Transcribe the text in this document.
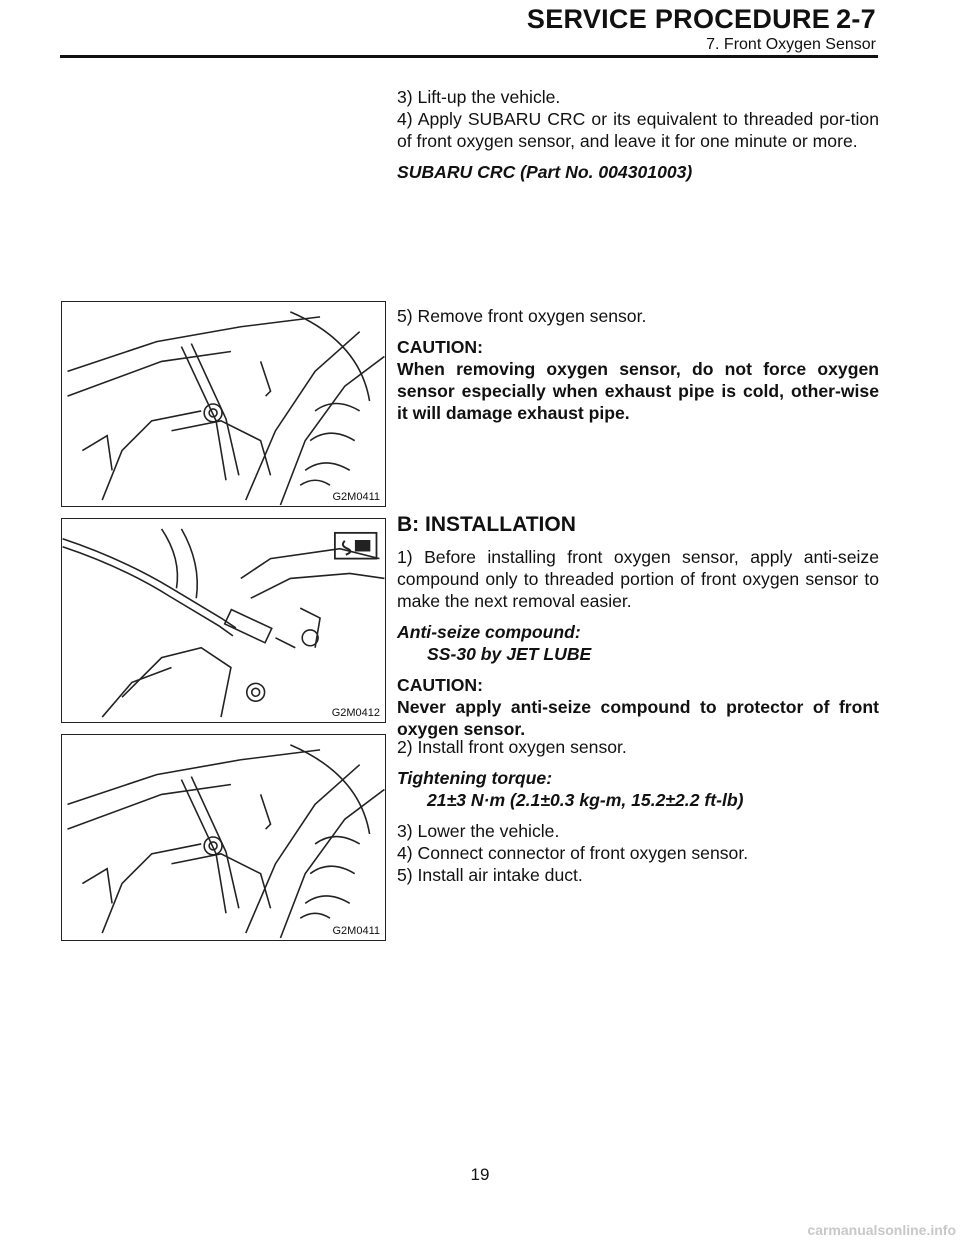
SERVICE PROCEDURE 2-7
7. Front Oxygen Sensor

3) Lift-up the vehicle.

4) Apply SUBARU CRC or its equivalent to threaded por-tion of front oxygen sensor, and leave it for one minute or more.

SUBARU CRC (Part No. 004301003)

G2M0411

5) Remove front oxygen sensor.

CAUTION:

When removing oxygen sensor, do not force oxygen sensor especially when exhaust pipe is cold, other-wise it will damage exhaust pipe.

G2M0412

B: INSTALLATION

1) Before installing front oxygen sensor, apply anti-seize compound only to threaded portion of front oxygen sensor to make the next removal easier.

Anti-seize compound:

SS-30 by JET LUBE

CAUTION:

Never apply anti-seize compound to protector of front oxygen sensor.

G2M0411

2) Install front oxygen sensor.

Tightening torque:

21±3 N·m (2.1±0.3 kg-m, 15.2±2.2 ft-lb)

3) Lower the vehicle.

4) Connect connector of front oxygen sensor.

5) Install air intake duct.

19
carmanualsonline.info
